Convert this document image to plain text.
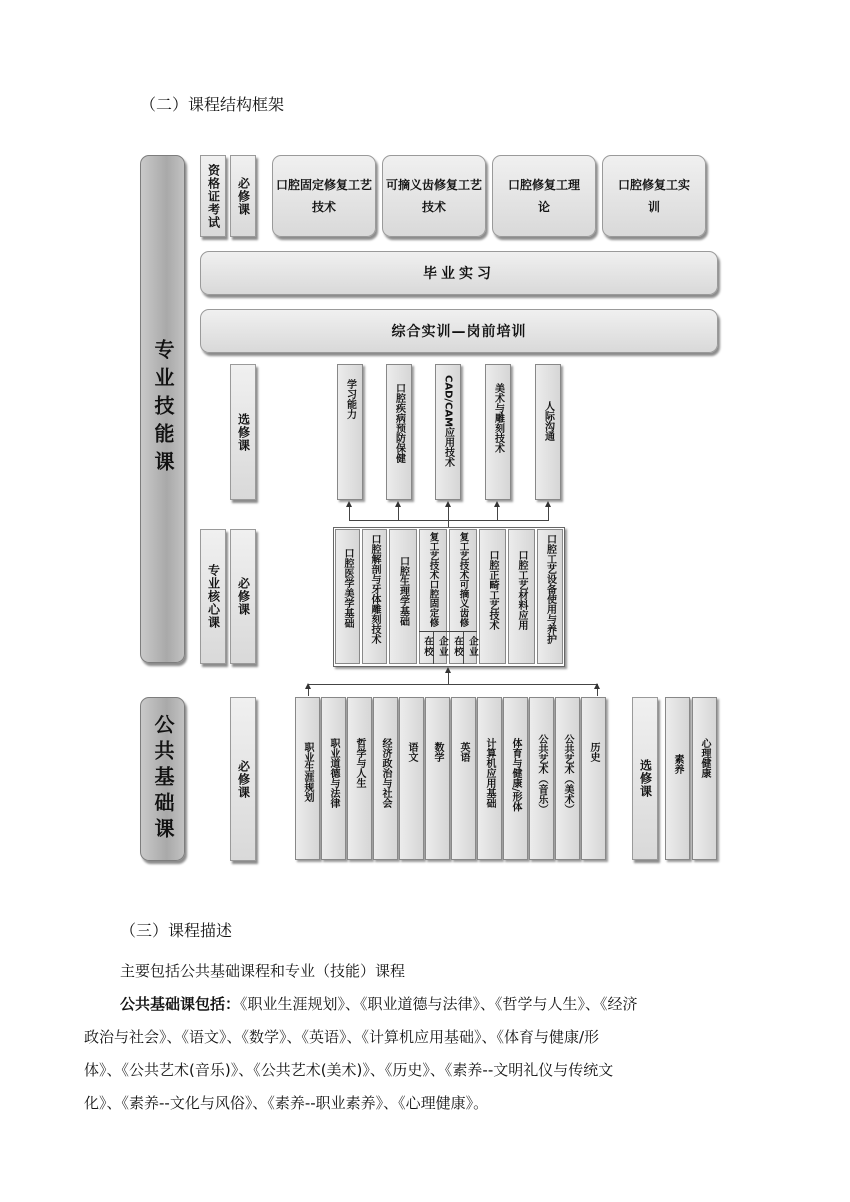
（二）课程结构框架
专业技能课
公共基础课
资格证考试 必修课 口腔固定修复工艺技术
可摘义齿修复工艺技术
口腔修复工理论
口腔修复工实训
毕业实习
综合实训—岗前培训
选修课
学习能力	口腔疾病预防保健	CAD/CAM应用技术	美术与雕刻技术	人际沟通
专业核心课 必修课	口腔医学美学基础 口腔解剖与牙体雕刻技术 口腔生理学基础 复工艺技术口腔固定修 复工艺技术可摘义齿修 口腔正畸工艺技术 口腔工艺材料应用 口腔工艺设备使用与养护
在校 企业 在校 企业
必修课	职业生涯规划 职业道德与法律 哲学与人生 经济政治与社会 语文 数学 英语 计算机应用基础 体育与健康/形体 公共艺术（音乐） 公共艺术（美术） 历史
选修课 素养 心理健康
（三）课程描述
主要包括公共基础课程和专业（技能）课程
公共基础课包括：《职业生涯规划》、《职业道德与法律》、《哲学与人生》、《经济
政治与社会》、《语文》、《数学》、《英语》、《计算机应用基础》、《体育与健康/形
体》、《公共艺术(音乐)》、《公共艺术(美术)》、《历史》、《素养--文明礼仪与传统文
化》、《素养--文化与风俗》、《素养--职业素养》、《心理健康》。
